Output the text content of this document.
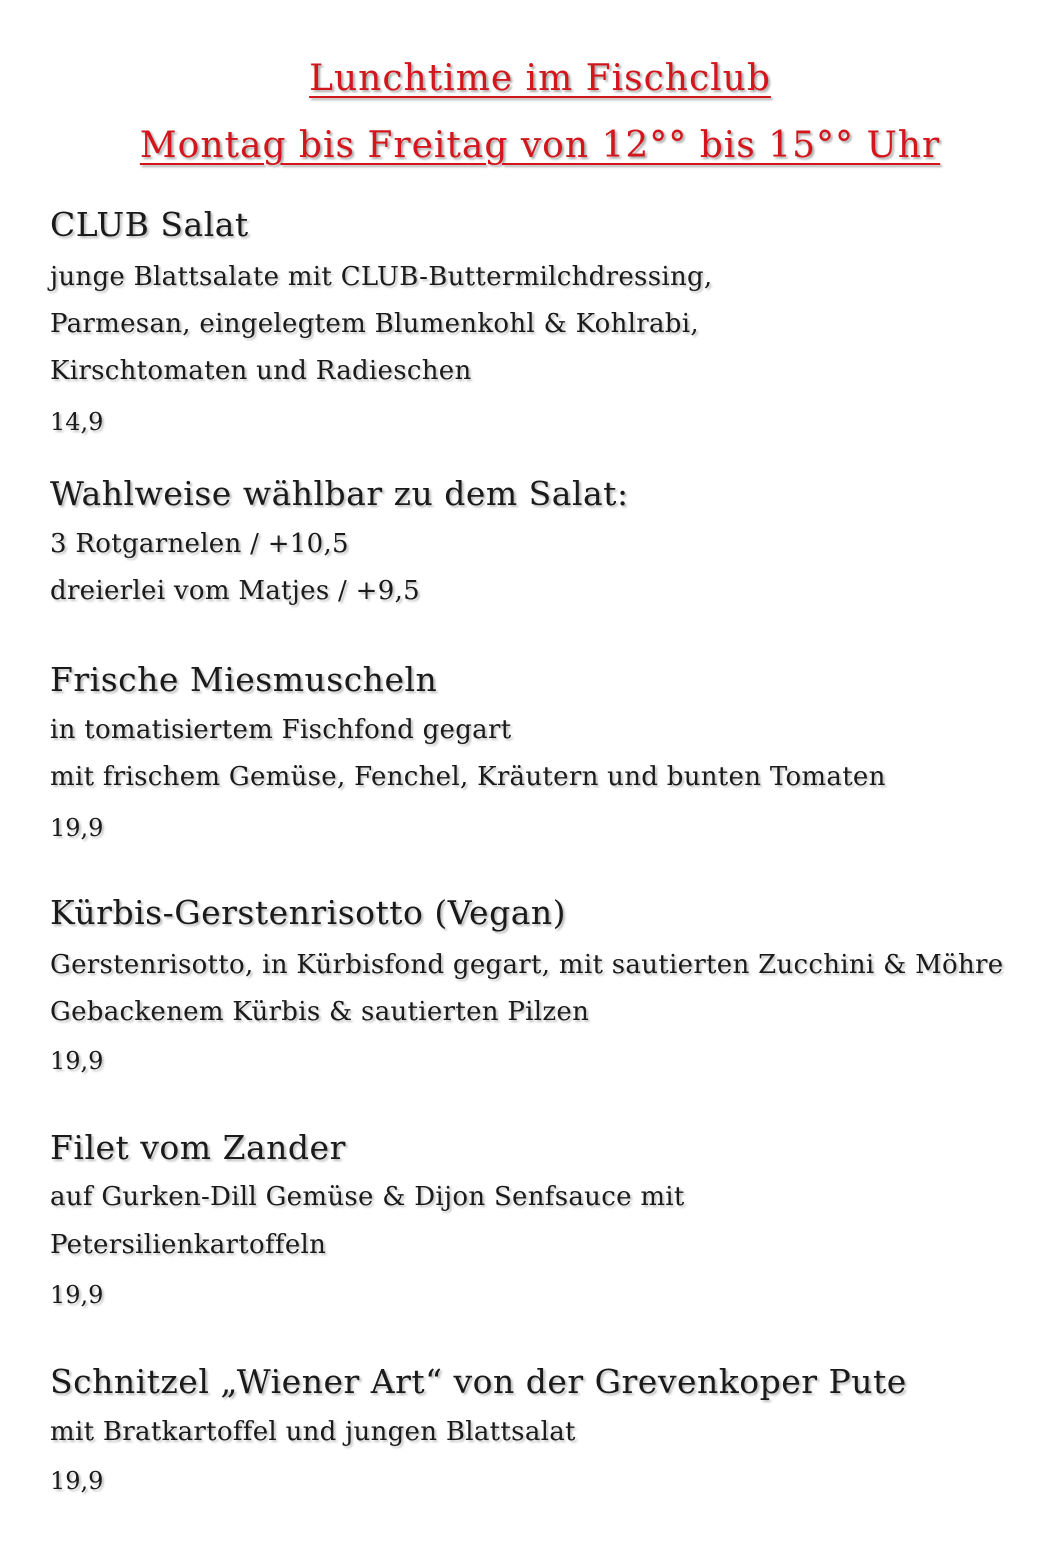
Lunchtime im Fischclub
Montag bis Freitag von 12°° bis 15°° Uhr
CLUB Salat
junge Blattsalate mit CLUB-Buttermilchdressing,
Parmesan, eingelegtem Blumenkohl & Kohlrabi,
Kirschtomaten und Radieschen
14,9
Wahlweise wählbar zu dem Salat:
3 Rotgarnelen / +10,5
dreierlei vom Matjes / +9,5
Frische Miesmuscheln
in tomatisiertem Fischfond gegart
mit frischem Gemüse, Fenchel, Kräutern und bunten Tomaten
19,9
Kürbis-Gerstenrisotto (Vegan)
Gerstenrisotto, in Kürbisfond gegart, mit sautierten Zucchini & Möhre
Gebackenem Kürbis & sautierten Pilzen
19,9
Filet vom Zander
auf Gurken-Dill Gemüse & Dijon Senfsauce mit
Petersilienkartoffeln
19,9
Schnitzel „Wiener Art“ von der Grevenkoper Pute
mit Bratkartoffel und jungen Blattsalat
19,9
